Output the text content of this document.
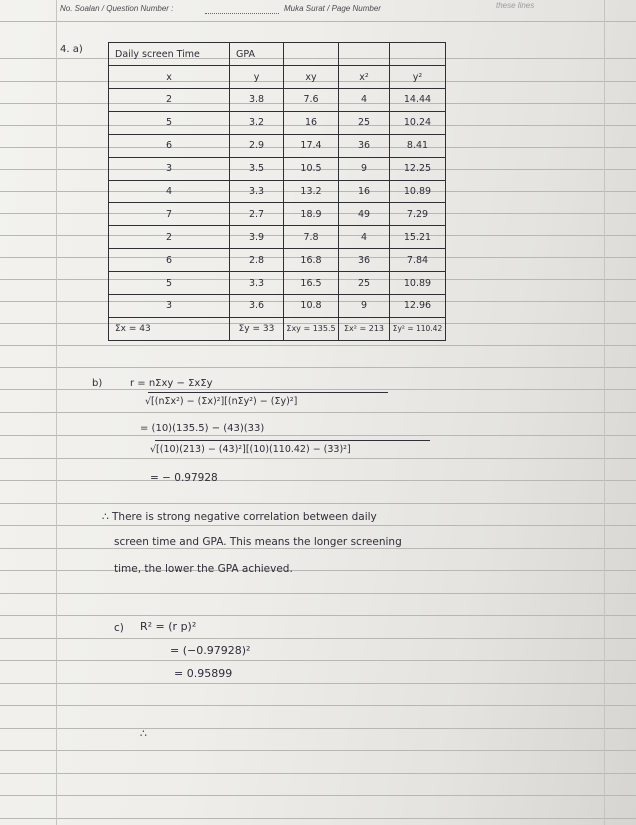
No. Soalan / Question Number :	Muka Surat / Page Number	these lines
4. a)	Daily screen Time	GPA			
x	y	xy	x²	y²
2	3.8	7.6	4	14.44
5	3.2	16	25	10.24
6	2.9	17.4	36	8.41
3	3.5	10.5	9	12.25
4	3.3	13.2	16	10.89
7	2.7	18.9	49	7.29
2	3.9	7.8	4	15.21
6	2.8	16.8	36	7.84
5	3.3	16.5	25	10.89
3	3.6	10.8	9	12.96
Σx = 43	Σy = 33	Σxy = 135.5	Σx² = 213	Σy² = 110.42
b)	r = nΣxy − ΣxΣy
√[(nΣx²) − (Σx)²][(nΣy²) − (Σy)²]
= (10)(135.5) − (43)(33)
√[(10)(213) − (43)²][(10)(110.42) − (33)²]
= − 0.97928
∴ There is strong negative correlation between daily
screen time and GPA. This means the longer screening
time, the lower the GPA achieved.
c) R² = (r p)²
= (−0.97928)²
= 0.95899
∴
